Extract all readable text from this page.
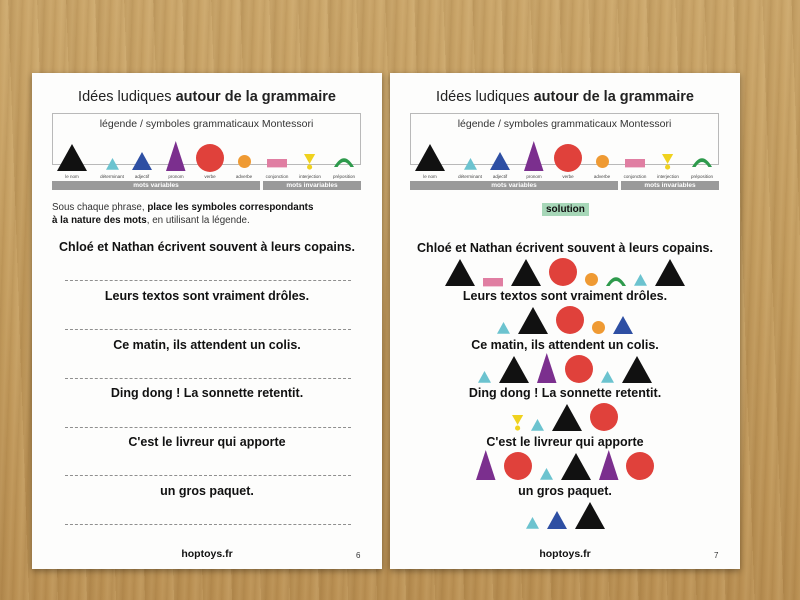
Idées ludiques autour de la grammaire
légende / symboles grammaticaux Montessori
le nom	déterminant adjectif	pronom	verbe	adverbe	conjonction interjection	préposition
mots variables	mots invariables
Sous chaque phrase, place les symboles correspondants
à la nature des mots, en utilisant la légende.
Chloé et Nathan écrivent souvent à leurs copains.
Leurs textos sont vraiment drôles.
Ce matin, ils attendent un colis.
Ding dong ! La sonnette retentit.
C'est le livreur qui apporte
un gros paquet.
hoptoys.fr	6
Idées ludiques autour de la grammaire
légende / symboles grammaticaux Montessori
le nom	déterminant adjectif	pronom	verbe	adverbe	conjonction interjection	préposition
mots variables	mots invariables
solution
Chloé et Nathan écrivent souvent à leurs copains.
Leurs textos sont vraiment drôles.
Ce matin, ils attendent un colis.
Ding dong ! La sonnette retentit.
C'est le livreur qui apporte
un gros paquet.
hoptoys.fr	7
